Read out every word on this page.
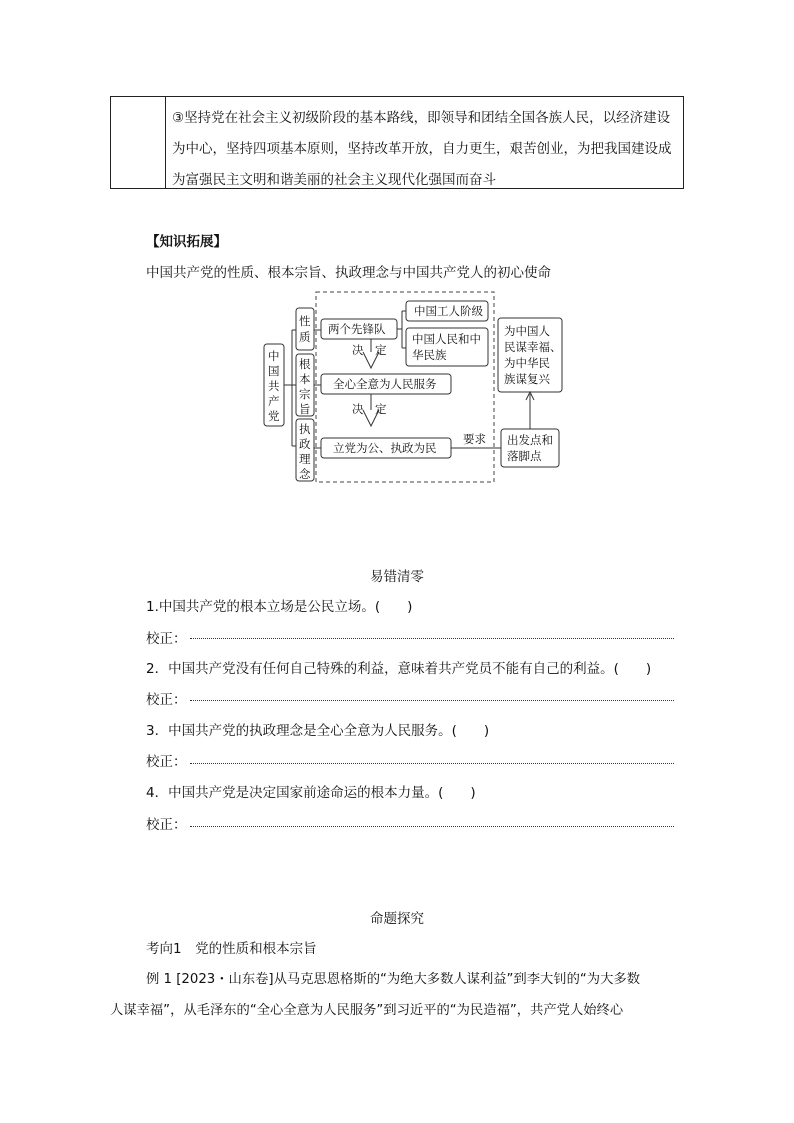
③坚持党在社会主义初级阶段的基本路线，即领导和团结全国各族人民，以经济建设为中心，坚持四项基本原则，坚持改革开放，自力更生，艰苦创业，为把我国建设成为富强民主文明和谐美丽的社会主义现代化强国而奋斗
【知识拓展】
中国共产党的性质、根本宗旨、执政理念与中国共产党人的初心使命
中 国 共 产 党
性质
根本宗旨
执政理念
两个先锋队
中国工人阶级
中国人民和中
华民族
决 定
全心全意为人民服务
决 定
立党为公、执政为民
要求 出发点和
落脚点
为中国人
民谋幸福、
为中华民
族谋复兴
易错清零
1.中国共产党的根本立场是公民立场。(　　)
校正：
2．中国共产党没有任何自己特殊的利益，意味着共产党员不能有自己的利益。(　　)
校正：
3．中国共产党的执政理念是全心全意为人民服务。(　　)
校正：
4．中国共产党是决定国家前途命运的根本力量。(　　)
校正：
命题探究
考向1　党的性质和根本宗旨
例 1 [2023・山东卷]从马克思恩格斯的“为绝大多数人谋利益”到李大钊的“为大多数
人谋幸福”，从毛泽东的“全心全意为人民服务”到习近平的“为民造福”，共产党人始终心
